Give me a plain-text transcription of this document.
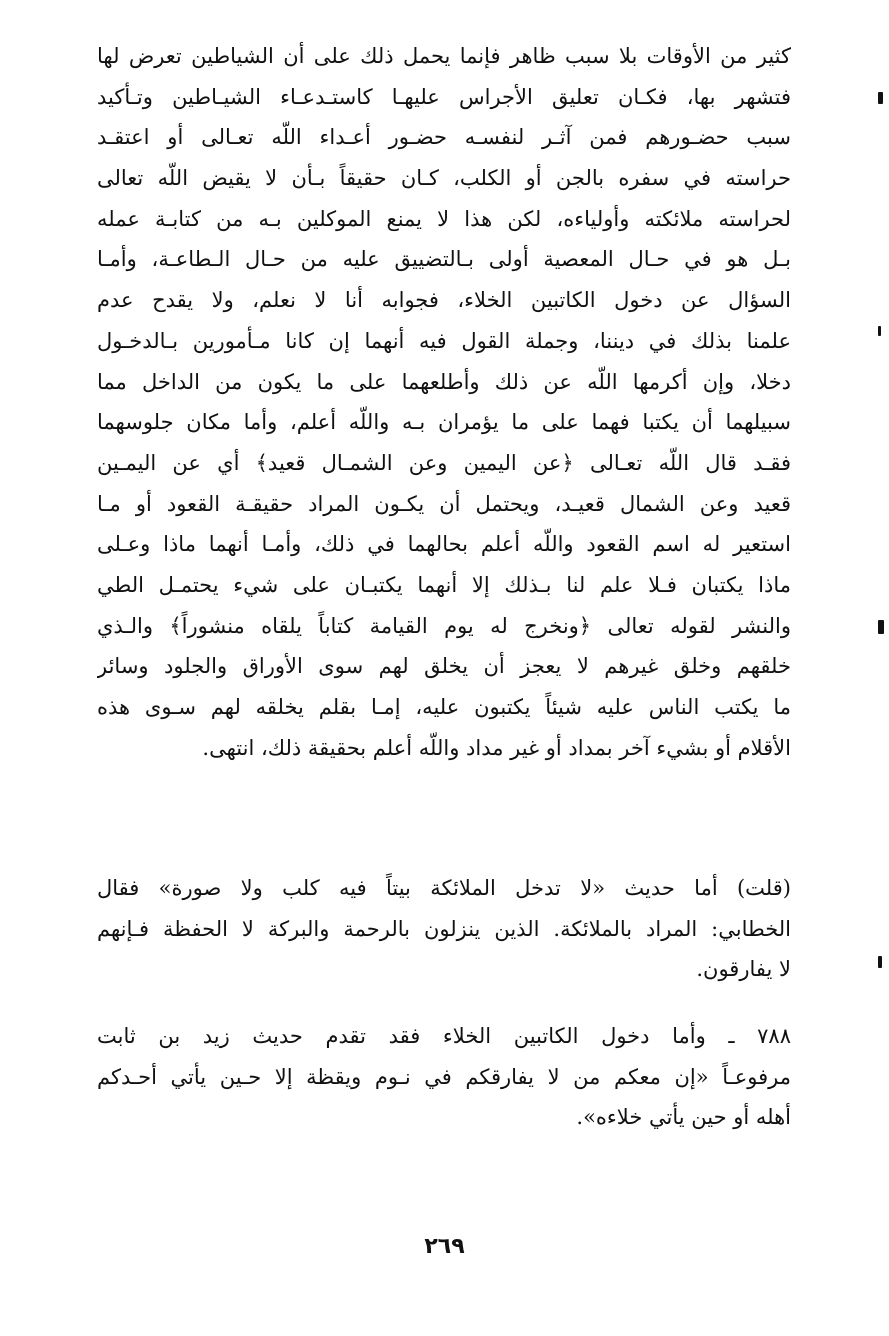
كثير من الأوقات بلا سبب ظاهر فإنما يحمل ذلك على أن الشياطين تعرض لها
فتشهر بها، فكـان تعليق الأجراس عليهـا كاستـدعـاء الشيـاطين وتـأكيد
سبب حضـورهم فمن آثـر لنفسـه حضـور أعـداء اللّه تعـالى أو اعتقـد
حراسته في سفره بالجن أو الكلب، كـان حقيقاً بـأن لا يقيض اللّه تعالى
لحراسته ملائكته وأولياءه، لكن هذا لا يمنع الموكلين بـه من كتابـة عمله
بـل هو في حـال المعصية أولى بـالتضييق عليه من حـال الـطاعـة، وأمـا
السؤال عن دخول الكاتبين الخلاء، فجوابه أنا لا نعلم، ولا يقدح عدم
علمنا بذلك في ديننا، وجملة القول فيه أنهما إن كانا مـأمورين بـالدخـول
دخلا، وإن أكرمها اللّه عن ذلك وأطلعهما على ما يكون من الداخل مما
سبيلهما أن يكتبا فهما على ما يؤمران بـه واللّه أعلم، وأما مكان جلوسهما
فقـد قال اللّه تعـالى ﴿عن اليمين وعن الشمـال قعيد﴾ أي عن اليمـين
قعيد وعن الشمال قعيـد، ويحتمل أن يكـون المراد حقيقـة القعود أو مـا
استعير له اسم القعود واللّه أعلم بحالهما في ذلك، وأمـا أنهما ماذا وعـلى
ماذا يكتبان فـلا علم لنا بـذلك إلا أنهما يكتبـان على شيء يحتمـل الطي
والنشر لقوله تعالى ﴿ونخرج له يوم القيامة كتاباً يلقاه منشوراً﴾ والـذي
خلقهم وخلق غيرهم لا يعجز أن يخلق لهم سوى الأوراق والجلود وسائر
ما يكتب الناس عليه شيئاً يكتبون عليه، إمـا بقلم يخلقه لهم سـوى هذه
الأقلام أو بشيء آخر بمداد أو غير مداد واللّه أعلم بحقيقة ذلك، انتهى.
(قلت) أما حديث «لا تدخل الملائكة بيتاً فيه كلب ولا صورة» فقال
الخطابي: المراد بالملائكة. الذين ينزلون بالرحمة والبركة لا الحفظة فـإنهم
لا يفارقون.
٧٨٨ ـ وأما دخول الكاتبين الخلاء فقد تقدم حديث زيد بن ثابت
مرفوعـاً «إن معكم من لا يفارقكم في نـوم ويقظة إلا حـين يأتي أحـدكم
أهله أو حين يأتي خلاءه».
٢٦٩
